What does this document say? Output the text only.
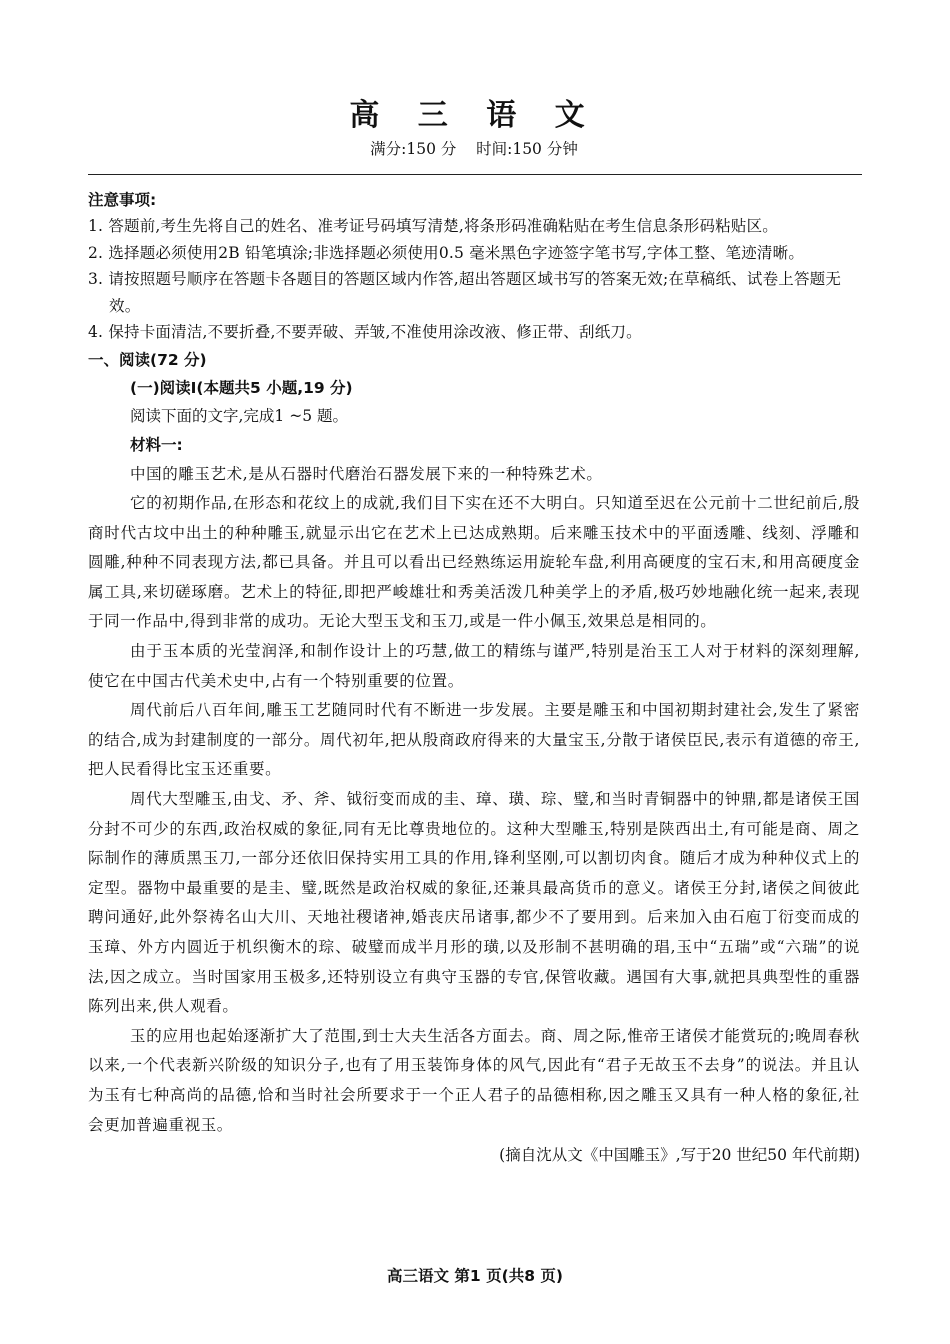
高 三 语 文
满分:150 分 时间:150 分钟
注意事项:
1. 答题前,考生先将自己的姓名、准考证号码填写清楚,将条形码准确粘贴在考生信息条形码粘贴区。
2. 选择题必须使用2B 铅笔填涂;非选择题必须使用0.5 毫米黑色字迹签字笔书写,字体工整、笔迹清晰。
3. 请按照题号顺序在答题卡各题目的答题区域内作答,超出答题区域书写的答案无效;在草稿纸、试卷上答题无效。
4. 保持卡面清洁,不要折叠,不要弄破、弄皱,不准使用涂改液、修正带、刮纸刀。
一、阅读(72 分)
(一)阅读Ⅰ(本题共5 小题,19 分)
阅读下面的文字,完成1 ~5 题。
材料一:

中国的雕玉艺术,是从石器时代磨治石器发展下来的一种特殊艺术。

它的初期作品,在形态和花纹上的成就,我们目下实在还不大明白。只知道至迟在公元前十二世纪前后,殷商时代古坟中出土的种种雕玉,就显示出它在艺术上已达成熟期。后来雕玉技术中的平面透雕、线刻、浮雕和圆雕,种种不同表现方法,都已具备。并且可以看出已经熟练运用旋轮车盘,利用高硬度的宝石末,和用高硬度金属工具,来切磋琢磨。艺术上的特征,即把严峻雄壮和秀美活泼几种美学上的矛盾,极巧妙地融化统一起来,表现于同一作品中,得到非常的成功。无论大型玉戈和玉刀,或是一件小佩玉,效果总是相同的。

由于玉本质的光莹润泽,和制作设计上的巧慧,做工的精练与谨严,特别是治玉工人对于材料的深刻理解,使它在中国古代美术史中,占有一个特别重要的位置。

周代前后八百年间,雕玉工艺随同时代有不断进一步发展。主要是雕玉和中国初期封建社会,发生了紧密的结合,成为封建制度的一部分。周代初年,把从殷商政府得来的大量宝玉,分散于诸侯臣民,表示有道德的帝王,把人民看得比宝玉还重要。

周代大型雕玉,由戈、矛、斧、钺衍变而成的圭、璋、璜、琮、璧,和当时青铜器中的钟鼎,都是诸侯王国分封不可少的东西,政治权威的象征,同有无比尊贵地位的。这种大型雕玉,特别是陕西出土,有可能是商、周之际制作的薄质黑玉刀,一部分还依旧保持实用工具的作用,锋利坚刚,可以割切肉食。随后才成为种种仪式上的定型。器物中最重要的是圭、璧,既然是政治权威的象征,还兼具最高货币的意义。诸侯王分封,诸侯之间彼此聘问通好,此外祭祷名山大川、天地社稷诸神,婚丧庆吊诸事,都少不了要用到。后来加入由石庖丁衍变而成的玉璋、外方内圆近于机织衡木的琮、破璧而成半月形的璜,以及形制不甚明确的琩,玉中“五瑞”或“六瑞”的说法,因之成立。当时国家用玉极多,还特别设立有典守玉器的专官,保管收藏。遇国有大事,就把具典型性的重器陈列出来,供人观看。

玉的应用也起始逐渐扩大了范围,到士大夫生活各方面去。商、周之际,惟帝王诸侯才能赏玩的;晚周春秋以来,一个代表新兴阶级的知识分子,也有了用玉装饰身体的风气,因此有“君子无故玉不去身”的说法。并且认为玉有七种高尚的品德,恰和当时社会所要求于一个正人君子的品德相称,因之雕玉又具有一种人格的象征,社会更加普遍重视玉。

(摘自沈从文《中国雕玉》,写于20 世纪50 年代前期)
高三语文 第1 页(共8 页)
